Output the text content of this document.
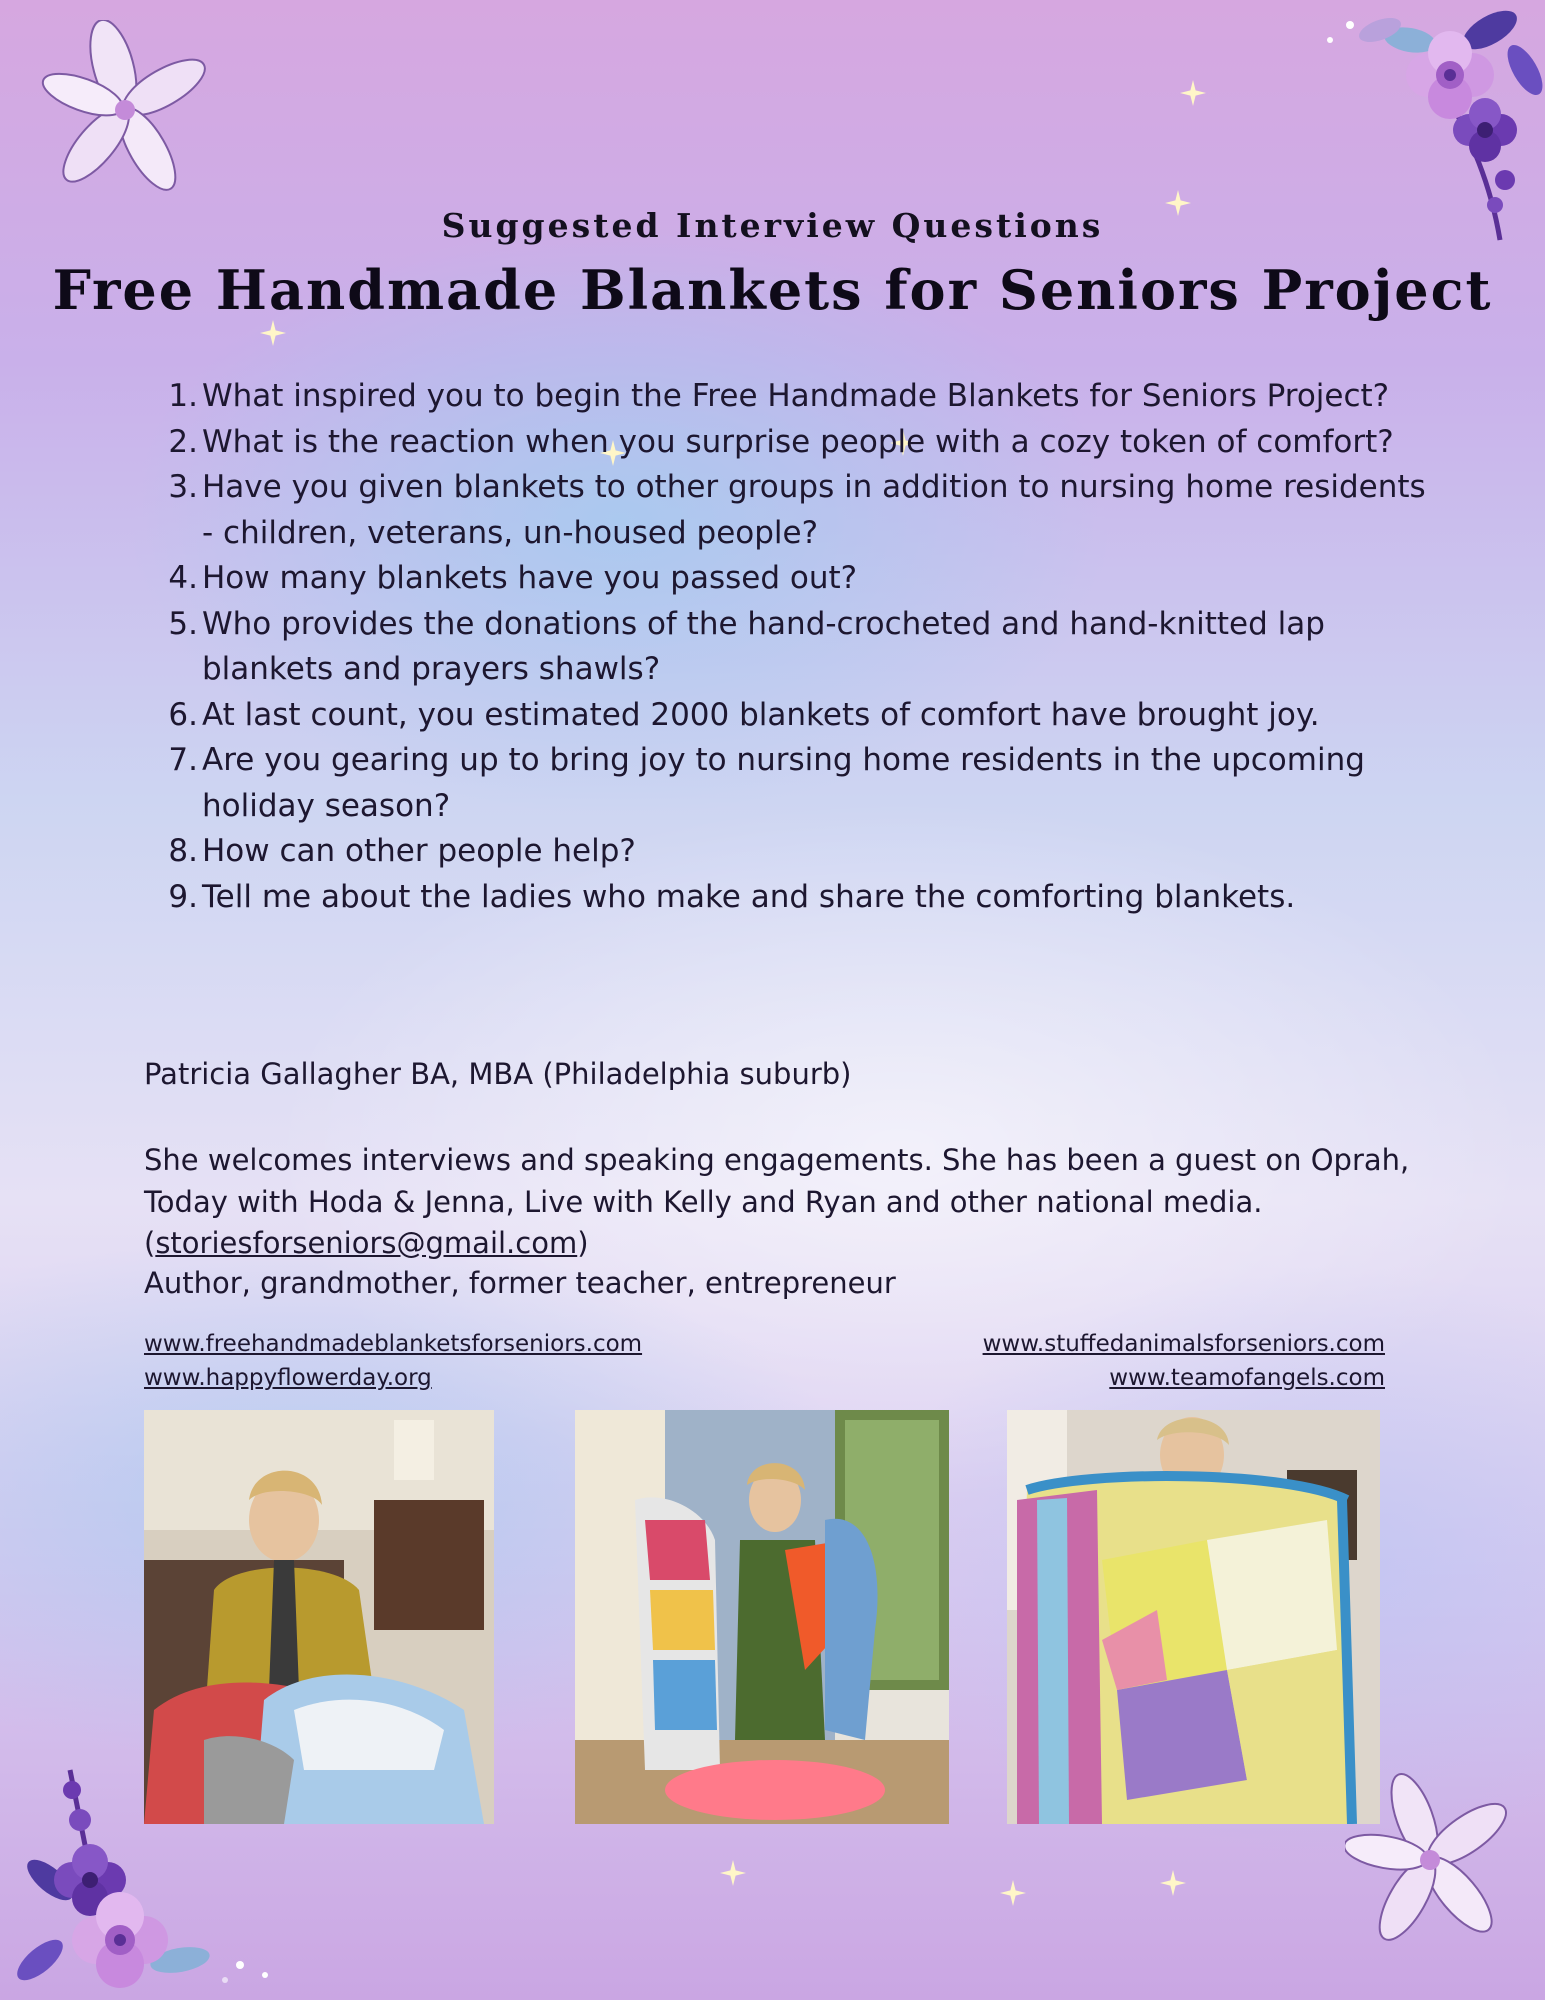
Suggested Interview Questions
Free Handmade Blankets for Seniors Project
1. What inspired you to begin the Free Handmade Blankets for Seniors Project?
2. What is the reaction when you surprise people with a cozy token of comfort?
3. Have you given blankets to other groups in addition to nursing home residents - children, veterans, un-housed people?
4. How many blankets have you passed out?
5. Who provides the donations of the hand-crocheted and hand-knitted lap blankets and prayers shawls?
6. At last count, you estimated 2000 blankets of comfort have brought joy.
7. Are you gearing up to bring joy to nursing home residents in the upcoming holiday season?
8. How can other people help?
9. Tell me about the ladies who make and share the comforting blankets.
Patricia Gallagher BA, MBA (Philadelphia suburb)
She welcomes interviews and speaking engagements. She has been a guest on Oprah, Today with Hoda & Jenna, Live with Kelly and Ryan and other national media. (storiesforseniors@gmail.com)
Author, grandmother, former teacher, entrepreneur
www.freehandmadeblanketsforseniors.com
www.happyflowerday.org
www.stuffedanimalsforseniors.com
www.teamofangels.com
